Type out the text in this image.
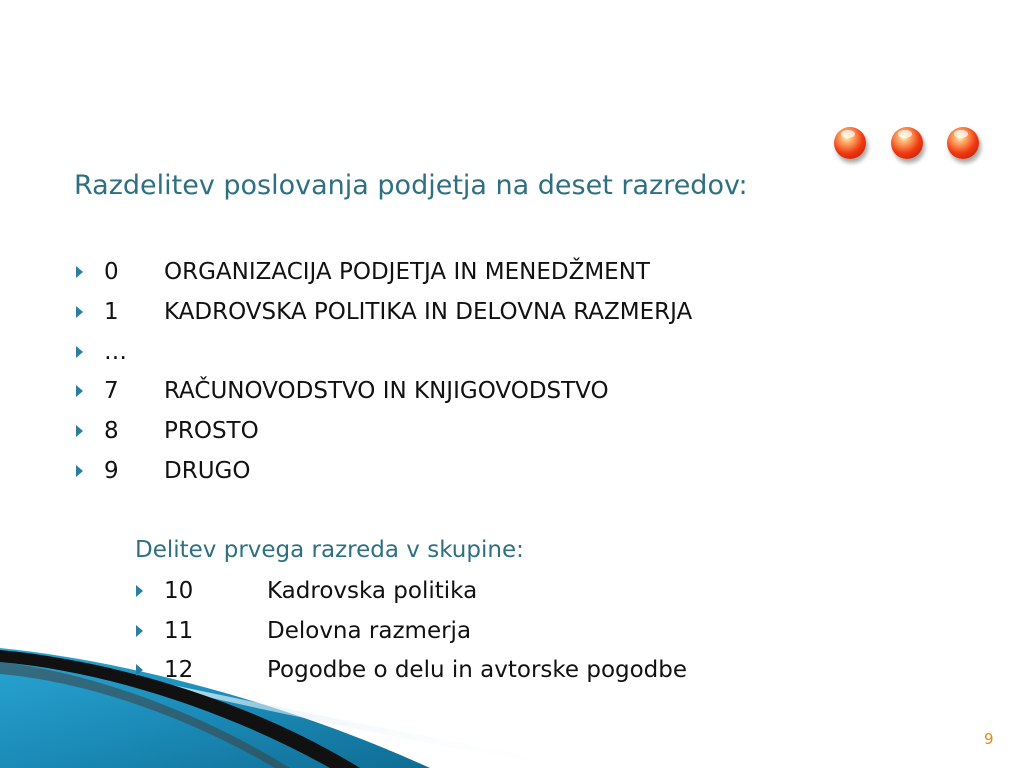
Razdelitev poslovanja podjetja na deset razredov:
0 ORGANIZACIJA PODJETJA IN MENEDŽMENT
1 KADROVSKA POLITIKA IN DELOVNA RAZMERJA
…
7 RAČUNOVODSTVO IN KNJIGOVODSTVO
8 PROSTO
9 DRUGO
Delitev prvega razreda v skupine:
10	Kadrovska politika
11	Delovna razmerja
12	Pogodbe o delu in avtorske pogodbe
9
